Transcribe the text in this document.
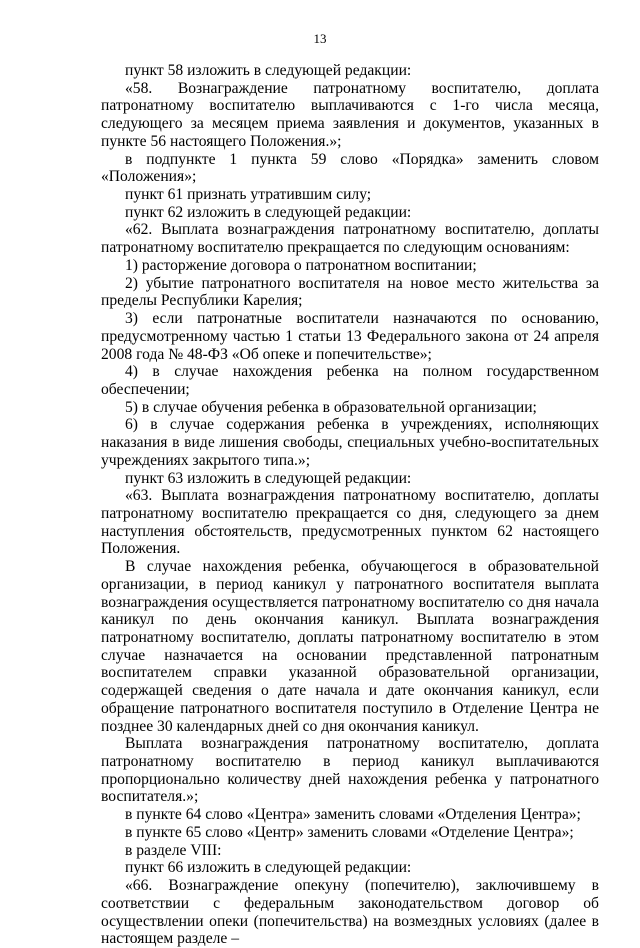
13

пункт 58 изложить в следующей редакции:

«58. Вознаграждение патронатному воспитателю, доплата патронатному воспитателю выплачиваются с 1-го числа месяца, следующего за месяцем приема заявления и документов, указанных в пункте 56 настоящего Положения.»;

в подпункте 1 пункта 59 слово «Порядка» заменить словом «Положения»;

пункт 61 признать утратившим силу;

пункт 62 изложить в следующей редакции:

«62. Выплата вознаграждения патронатному воспитателю, доплаты патронатному воспитателю прекращается по следующим основаниям:

1) расторжение договора о патронатном воспитании;

2) убытие патронатного воспитателя на новое место жительства за пределы Республики Карелия;

3) если патронатные воспитатели назначаются по основанию, предусмотренному частью 1 статьи 13 Федерального закона от 24 апреля 2008 года № 48-ФЗ «Об опеке и попечительстве»;

4) в случае нахождения ребенка на полном государственном обеспечении;

5) в случае обучения ребенка в образовательной организации;

6) в случае содержания ребенка в учреждениях, исполняющих наказания в виде лишения свободы, специальных учебно-воспитательных учреждениях закрытого типа.»;

пункт 63 изложить в следующей редакции:

«63. Выплата вознаграждения патронатному воспитателю, доплаты патронатному воспитателю прекращается со дня, следующего за днем наступления обстоятельств, предусмотренных пунктом 62 настоящего Положения.

В случае нахождения ребенка, обучающегося в образовательной организации, в период каникул у патронатного воспитателя выплата вознаграждения осуществляется патронатному воспитателю со дня начала каникул по день окончания каникул. Выплата вознаграждения патронатному воспитателю, доплаты патронатному воспитателю в этом случае назначается на основании представленной патронатным воспитателем справки указанной образовательной организации, содержащей сведения о дате начала и дате окончания каникул, если обращение патронатного воспитателя поступило в Отделение Центра не позднее 30 календарных дней со дня окончания каникул.

Выплата вознаграждения патронатному воспитателю, доплата патронатному воспитателю в период каникул выплачиваются пропорционально количеству дней нахождения ребенка у патронатного воспитателя.»;

в пункте 64 слово «Центра» заменить словами «Отделения Центра»;

в пункте 65 слово «Центр» заменить словами «Отделение Центра»;

в разделе VIII:

пункт 66 изложить в следующей редакции:

«66. Вознаграждение опекуну (попечителю), заключившему в соответствии с федеральным законодательством договор об осуществлении опеки (попечительства) на возмездных условиях (далее в настоящем разделе –
